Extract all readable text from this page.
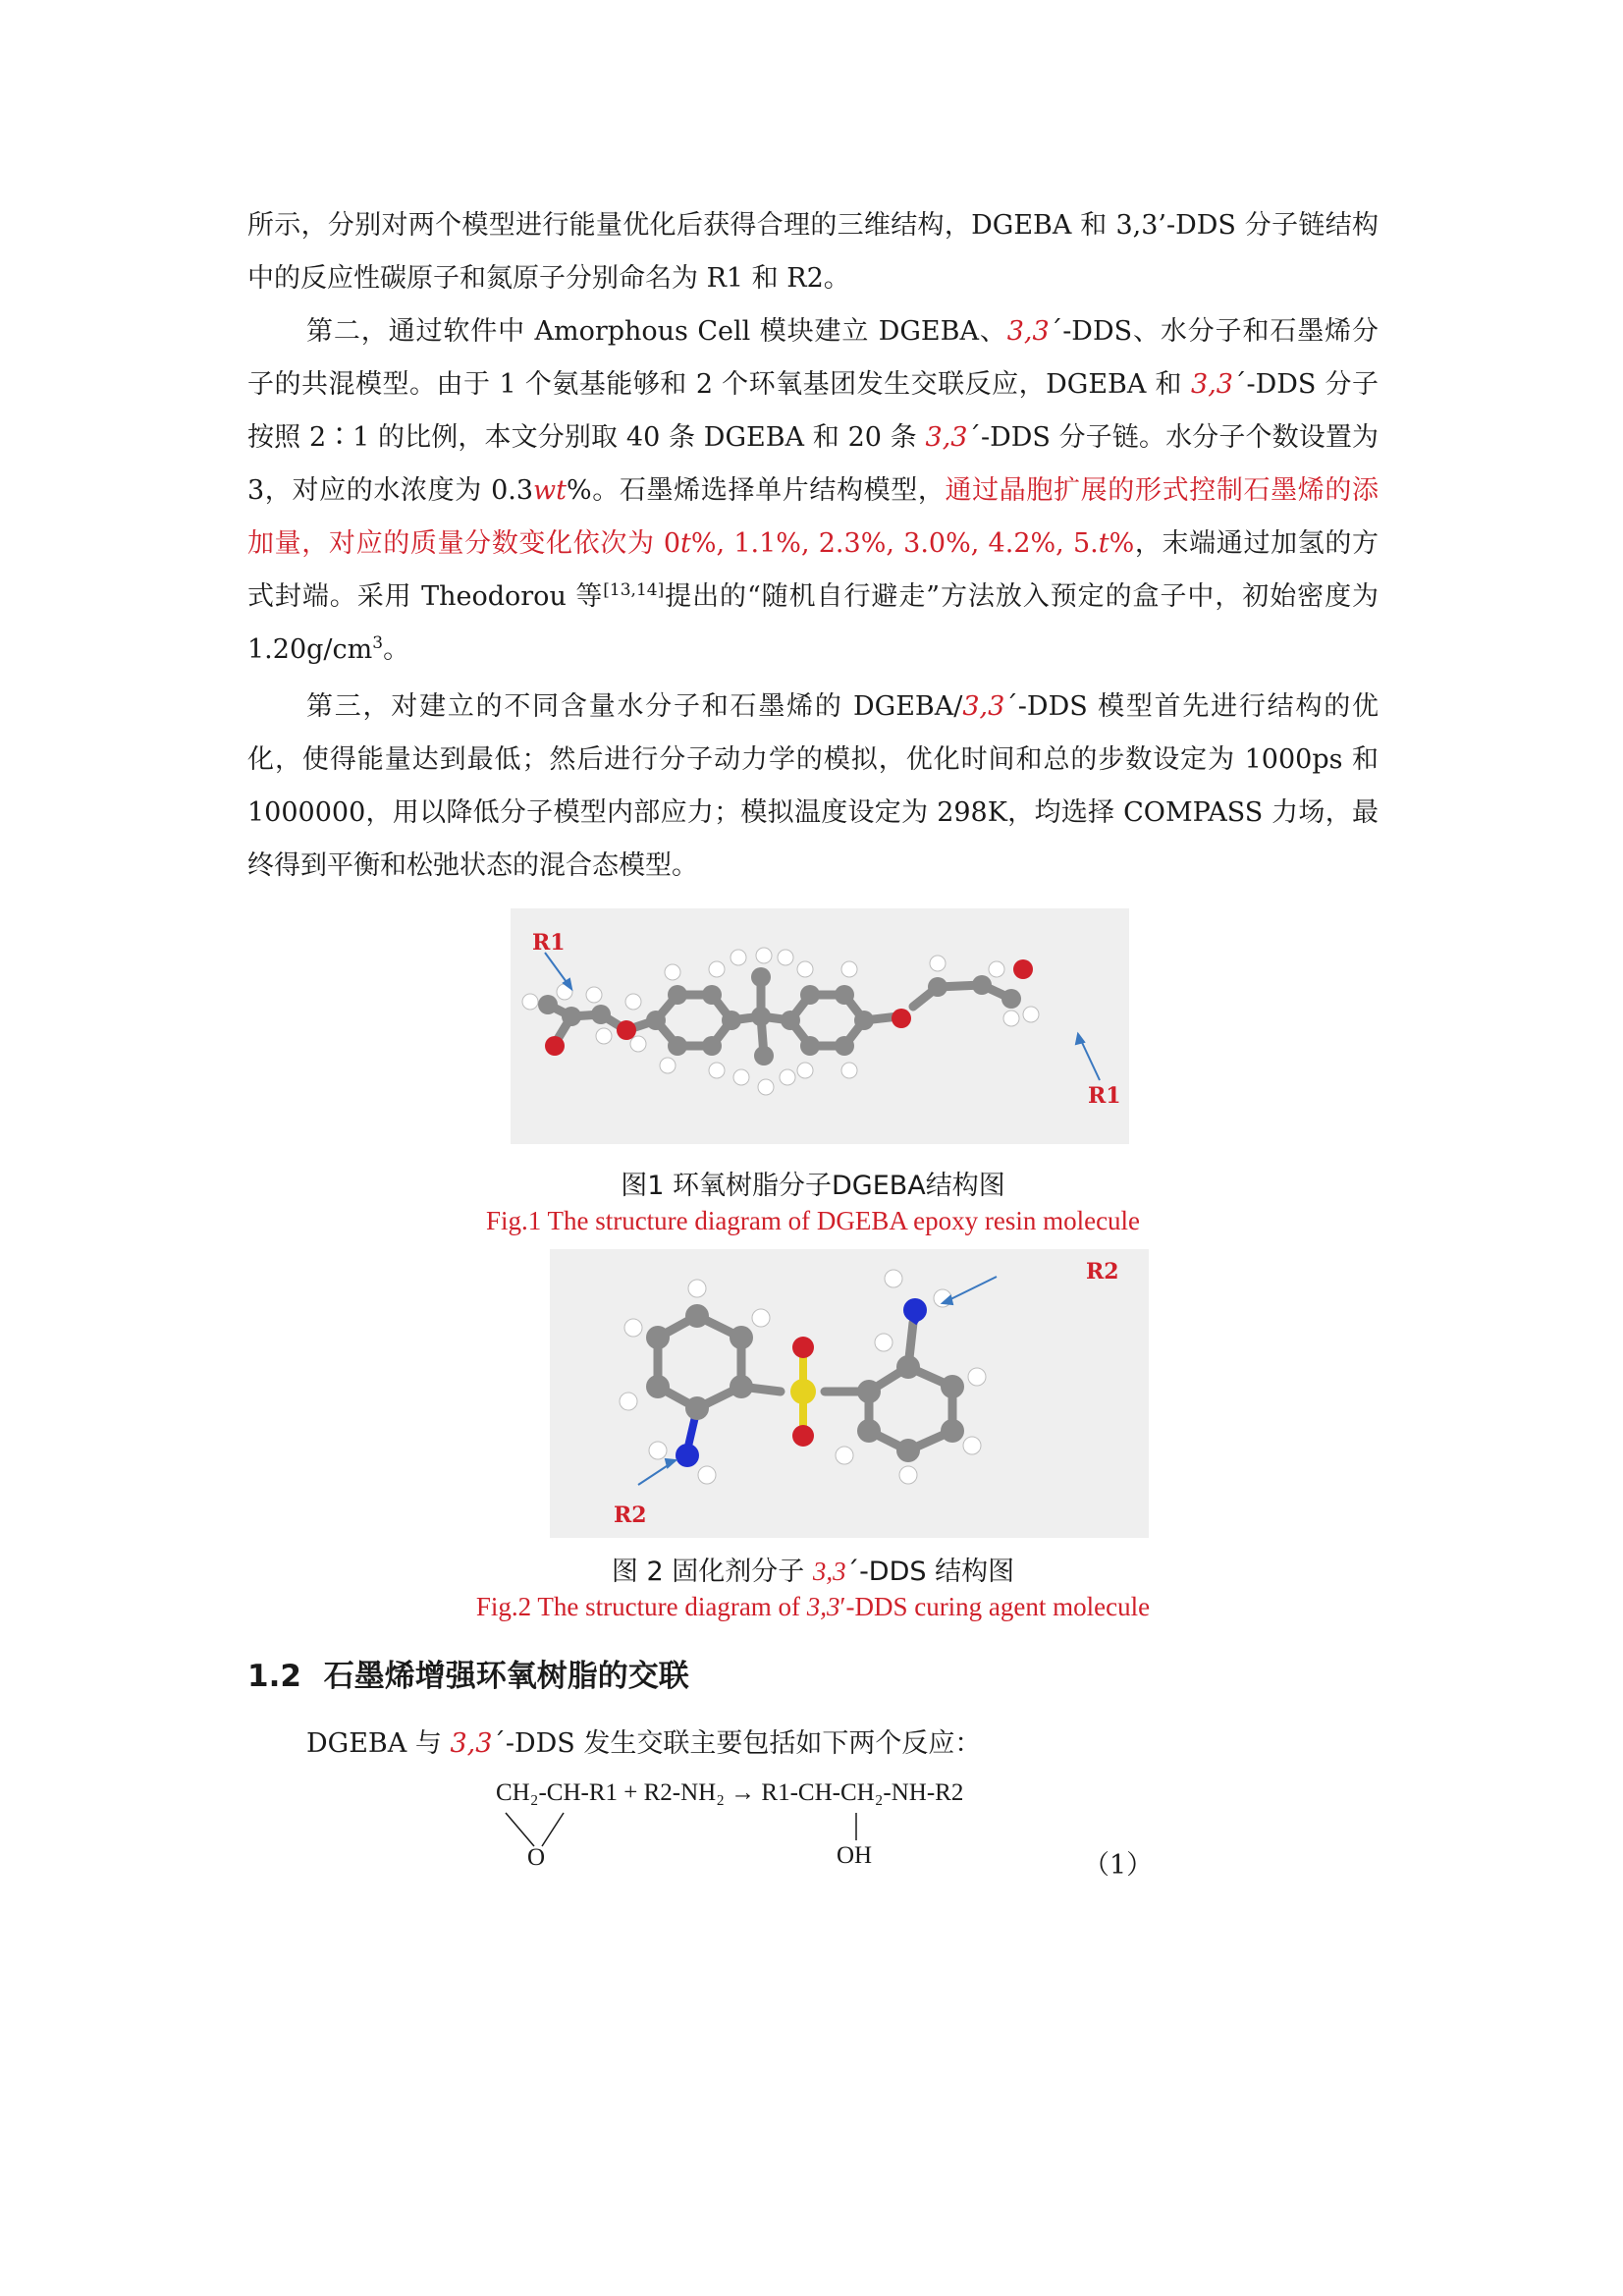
所示，分别对两个模型进行能量优化后获得合理的三维结构，DGEBA 和 3,3’-DDS 分子链结构中的反应性碳原子和氮原子分别命名为 R1 和 R2。

第二，通过软件中 Amorphous Cell 模块建立 DGEBA、3,3´-DDS、水分子和石墨烯分子的共混模型。由于 1 个氨基能够和 2 个环氧基团发生交联反应，DGEBA 和 3,3´-DDS 分子按照 2∶1 的比例，本文分别取 40 条 DGEBA 和 20 条 3,3´-DDS 分子链。水分子个数设置为 3，对应的水浓度为 0.3wt%。石墨烯选择单片结构模型，通过晶胞扩展的形式控制石墨烯的添加量，对应的质量分数变化依次为 0t%, 1.1%, 2.3%, 3.0%, 4.2%, 5.t%，末端通过加氢的方式封端。采用 Theodorou 等[13,14]提出的“随机自行避走”方法放入预定的盒子中，初始密度为 $1.20g/cm^3$。

第三，对建立的不同含量水分子和石墨烯的 DGEBA/3,3´-DDS 模型首先进行结构的优化，使得能量达到最低；然后进行分子动力学的模拟，优化时间和总的步数设定为 1000ps 和 1000000，用以降低分子模型内部应力；模拟温度设定为 298K，均选择 COMPASS 力场，最终得到平衡和松弛状态的混合态模型。

R1
R1
图1 环氧树脂分子DGEBA结构图
Fig.1 The structure diagram of DGEBA epoxy resin molecule
R2
R2
图 2 固化剂分子 3,3´-DDS 结构图
Fig.2 The structure diagram of 3,3′-DDS curing agent molecule
1.2 石墨烯增强环氧树脂的交联

DGEBA 与 3,3´-DDS 发生交联主要包括如下两个反应：

CH₂-CH-R1 + R2-NH₂ → R1-CH-CH₂-NH-R2
O	OH	（1）
